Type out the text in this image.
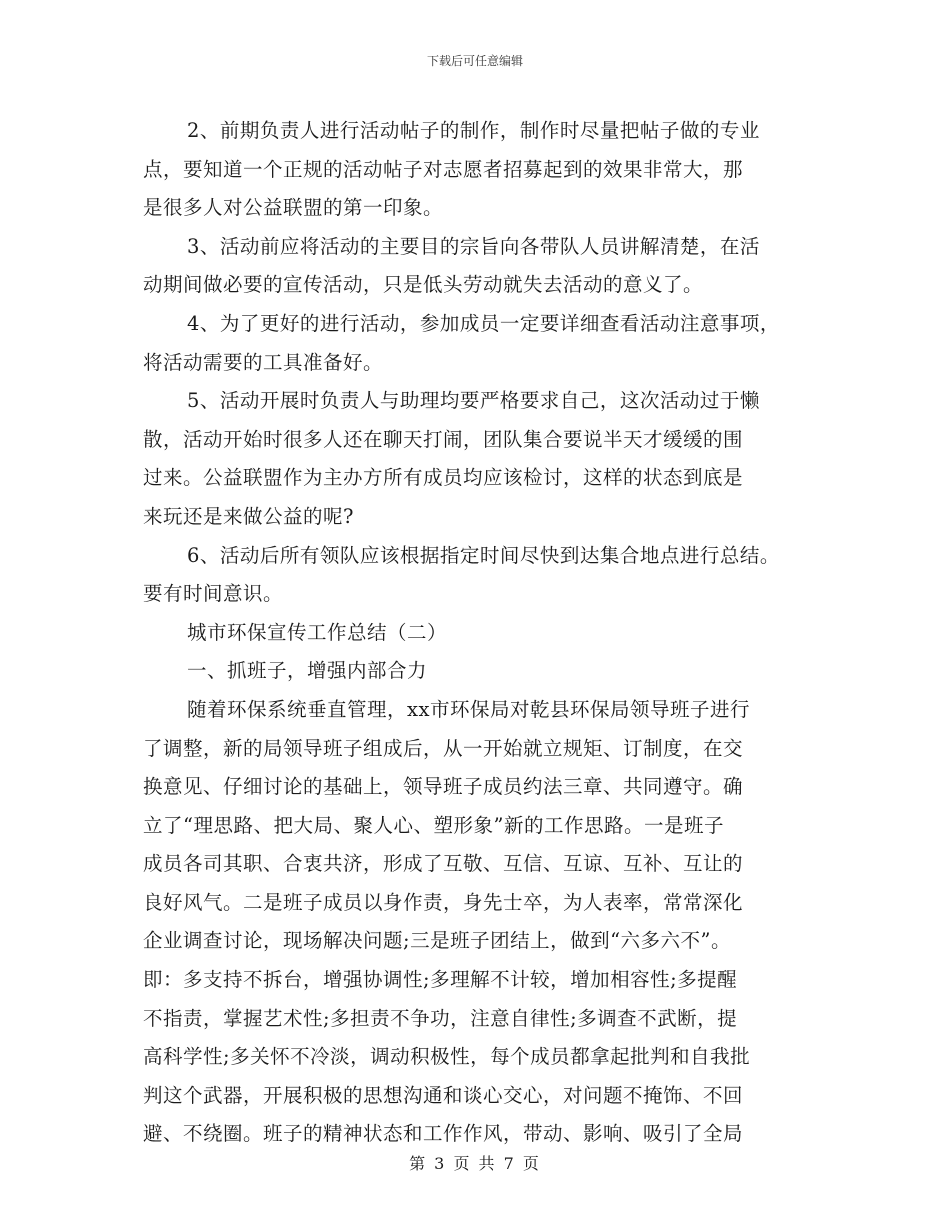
下载后可任意编辑
2、前期负责人进行活动帖子的制作，制作时尽量把帖子做的专业
点，要知道一个正规的活动帖子对志愿者招募起到的效果非常大，那
是很多人对公益联盟的第一印象。
3、活动前应将活动的主要目的宗旨向各带队人员讲解清楚，在活
动期间做必要的宣传活动，只是低头劳动就失去活动的意义了。
4、为了更好的进行活动，参加成员一定要详细查看活动注意事项，
将活动需要的工具准备好。
5、活动开展时负责人与助理均要严格要求自己，这次活动过于懒
散，活动开始时很多人还在聊天打闹，团队集合要说半天才缓缓的围
过来。公益联盟作为主办方所有成员均应该检讨，这样的状态到底是
来玩还是来做公益的呢?
6、活动后所有领队应该根据指定时间尽快到达集合地点进行总结。
要有时间意识。
城市环保宣传工作总结（二）
一、抓班子，增强内部合力
随着环保系统垂直管理，xx市环保局对乾县环保局领导班子进行
了调整，新的局领导班子组成后，从一开始就立规矩、订制度，在交
换意见、仔细讨论的基础上，领导班子成员约法三章、共同遵守。确
立了“理思路、把大局、聚人心、塑形象”新的工作思路。一是班子
成员各司其职、合衷共济，形成了互敬、互信、互谅、互补、互让的
良好风气。二是班子成员以身作责，身先士卒，为人表率，常常深化
企业调查讨论，现场解决问题;三是班子团结上，做到“六多六不”。
即：多支持不拆台，增强协调性;多理解不计较，增加相容性;多提醒
不指责，掌握艺术性;多担责不争功，注意自律性;多调查不武断，提
高科学性;多关怀不冷淡，调动积极性，每个成员都拿起批判和自我批
判这个武器，开展积极的思想沟通和谈心交心，对问题不掩饰、不回
避、不绕圈。班子的精神状态和工作作风，带动、影响、吸引了全局
第 3 页 共 7 页
